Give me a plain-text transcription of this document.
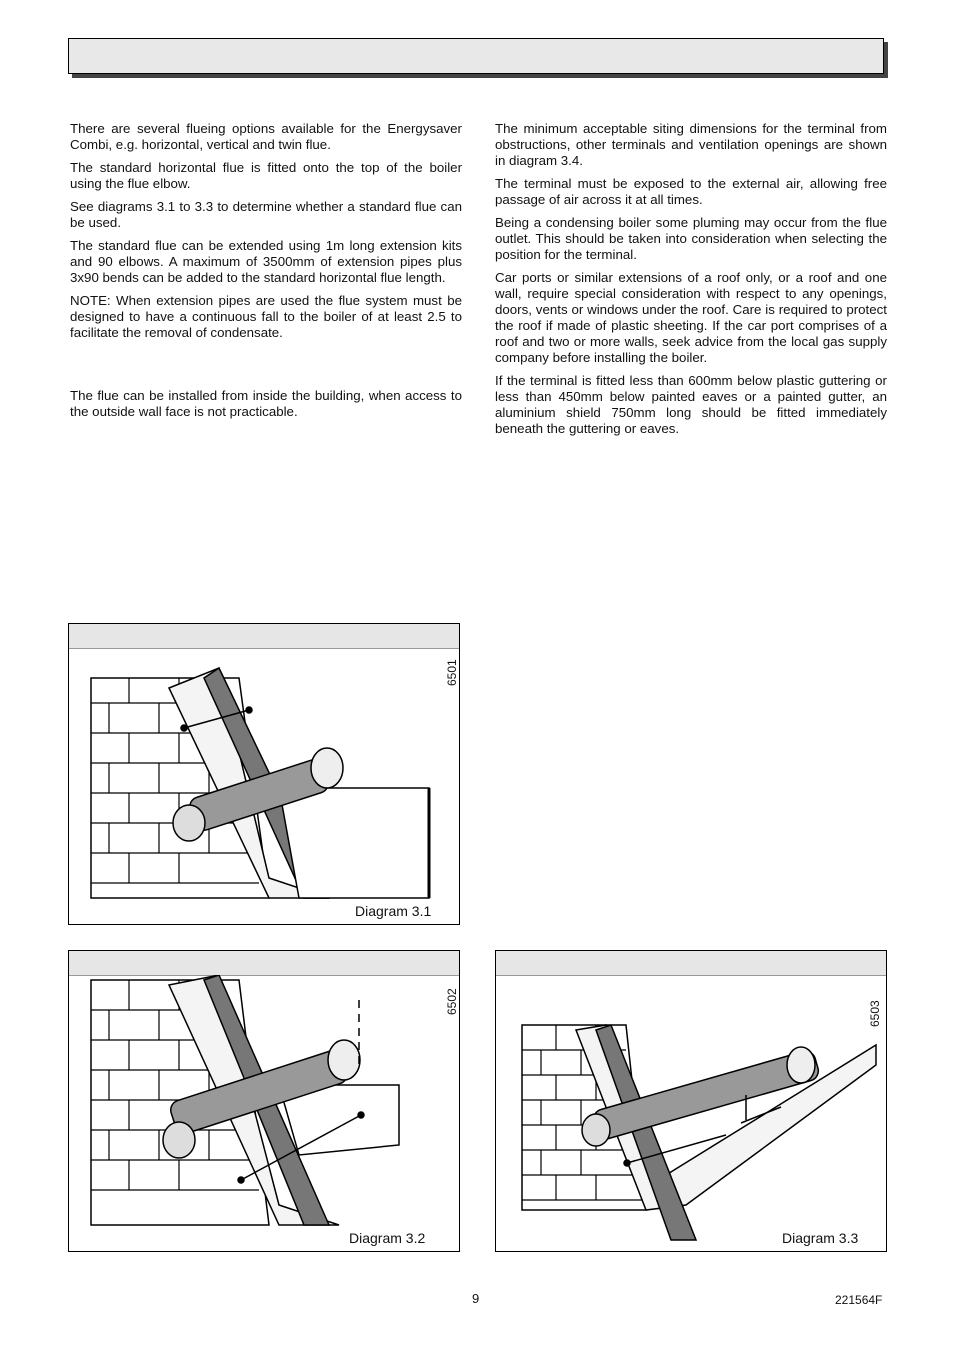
There are several flueing options available for the Energysaver Combi, e.g. horizontal, vertical and twin flue.

The standard horizontal flue is fitted onto the top of the boiler using the flue elbow.

See diagrams 3.1 to 3.3 to determine whether a standard flue can be used.

The standard flue can be extended using 1m long extension kits and 90 elbows. A maximum of 3500mm of extension pipes plus 3x90 bends can be added to the standard horizontal flue length.

NOTE: When extension pipes are used the flue system must be designed to have a continuous fall to the boiler of at least 2.5 to facilitate the removal of condensate.

The flue can be installed from inside the building, when access to the outside wall face is not practicable.

The minimum acceptable siting dimensions for the terminal from obstructions, other terminals and ventilation openings are shown in diagram 3.4.

The terminal must be exposed to the external air, allowing free passage of air across it at all times.

Being a condensing boiler some pluming may occur from the flue outlet. This should be taken into consideration when selecting the position for the terminal.

Car ports or similar extensions of a roof only, or a roof and one wall, require special consideration with respect to any openings, doors, vents or windows under the roof. Care is required to protect the roof if made of plastic sheeting. If the car port comprises of a roof and two or more walls, seek advice from the local gas supply company before installing the boiler.

If the terminal is fitted less than 600mm below plastic guttering or less than 450mm below painted eaves or a painted gutter, an aluminium shield 750mm long should be fitted immediately beneath the guttering or eaves.

6501
Diagram 3.1
6502
Diagram 3.2
6503
Diagram 3.3
9	221564F
